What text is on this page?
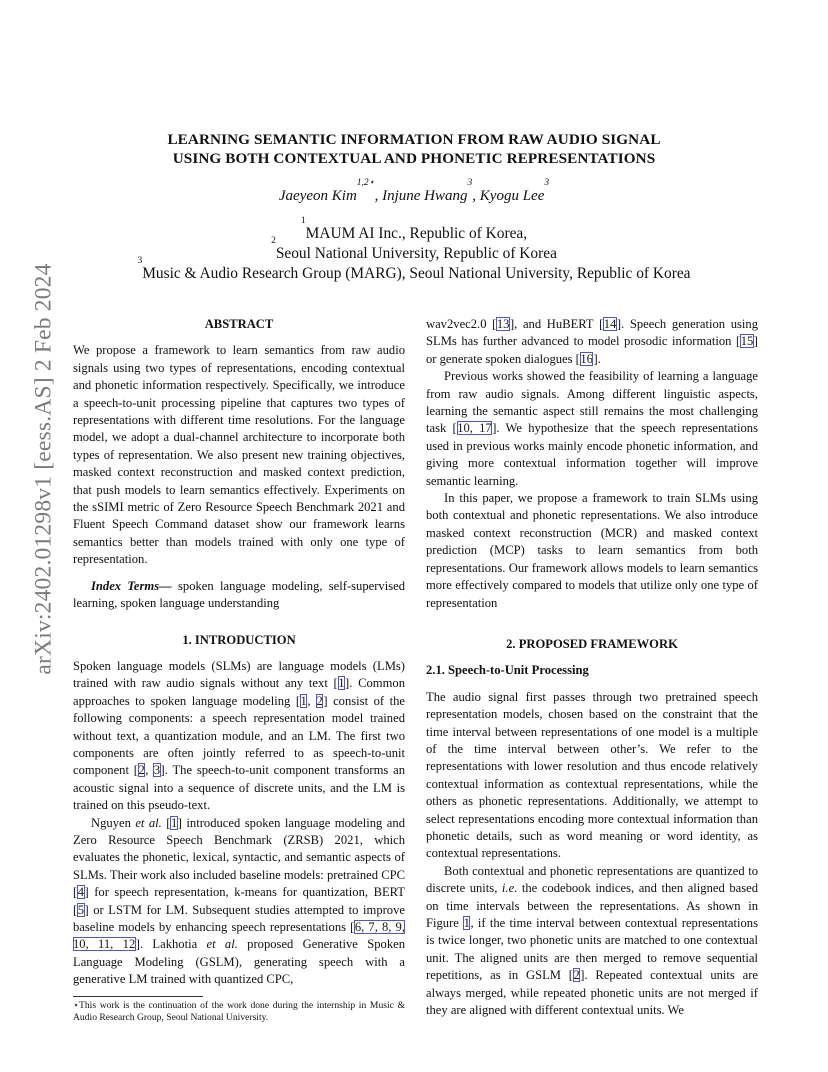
arXiv:2402.01298v1 [eess.AS] 2 Feb 2024
LEARNING SEMANTIC INFORMATION FROM RAW AUDIO SIGNAL
USING BOTH CONTEXTUAL AND PHONETIC REPRESENTATIONS
Jaeyeon Kim$^{1,2⋆}$, Injune Hwang$^3$, Kyogu Lee$^3$
$^1$MAUM AI Inc., Republic of Korea,
$^2$Seoul National University, Republic of Korea
$^3$Music & Audio Research Group (MARG), Seoul National University, Republic of Korea
ABSTRACT

We propose a framework to learn semantics from raw audio signals using two types of representations, encoding contextual and phonetic information respectively. Specifically, we introduce a speech-to-unit processing pipeline that captures two types of representations with different time resolutions. For the language model, we adopt a dual-channel architecture to incorporate both types of representation. We also present new training objectives, masked context reconstruction and masked context prediction, that push models to learn semantics effectively. Experiments on the sSIMI metric of Zero Resource Speech Benchmark 2021 and Fluent Speech Command dataset show our framework learns semantics better than models trained with only one type of representation.

Index Terms— spoken language modeling, self-supervised learning, spoken language understanding

1. INTRODUCTION

Spoken language models (SLMs) are language models (LMs) trained with raw audio signals without any text [1]. Common approaches to spoken language modeling [1, 2] consist of the following components: a speech representation model trained without text, a quantization module, and an LM. The first two components are often jointly referred to as speech-to-unit component [2, 3]. The speech-to-unit component transforms an acoustic signal into a sequence of discrete units, and the LM is trained on this pseudo-text.

Nguyen et al. [1] introduced spoken language modeling and Zero Resource Speech Benchmark (ZRSB) 2021, which evaluates the phonetic, lexical, syntactic, and semantic aspects of SLMs. Their work also included baseline models: pretrained CPC [4] for speech representation, k-means for quantization, BERT [5] or LSTM for LM. Subsequent studies attempted to improve baseline models by enhancing speech representations [6, 7, 8, 9, 10, 11, 12]. Lakhotia et al. proposed Generative Spoken Language Modeling (GSLM), generating speech with a generative LM trained with quantized CPC,

⋆This work is the continuation of the work done during the internship in Music & Audio Research Group, Seoul National University.

wav2vec2.0 [13], and HuBERT [14]. Speech generation using SLMs has further advanced to model prosodic information [15] or generate spoken dialogues [16].

Previous works showed the feasibility of learning a language from raw audio signals. Among different linguistic aspects, learning the semantic aspect still remains the most challenging task [10, 17]. We hypothesize that the speech representations used in previous works mainly encode phonetic information, and giving more contextual information together will improve semantic learning.

In this paper, we propose a framework to train SLMs using both contextual and phonetic representations. We also introduce masked context reconstruction (MCR) and masked context prediction (MCP) tasks to learn semantics from both representations. Our framework allows models to learn semantics more effectively compared to models that utilize only one type of representation

2. PROPOSED FRAMEWORK
2.1. Speech-to-Unit Processing

The audio signal first passes through two pretrained speech representation models, chosen based on the constraint that the time interval between representations of one model is a multiple of the time interval between other’s. We refer to the representations with lower resolution and thus encode relatively contextual information as contextual representations, while the others as phonetic representations. Additionally, we attempt to select representations encoding more contextual information than phonetic details, such as word meaning or word identity, as contextual representations.

Both contextual and phonetic representations are quantized to discrete units, i.e. the codebook indices, and then aligned based on time intervals between the representations. As shown in Figure 1, if the time interval between contextual representations is twice longer, two phonetic units are matched to one contextual unit. The aligned units are then merged to remove sequential repetitions, as in GSLM [2]. Repeated contextual units are always merged, while repeated phonetic units are not merged if they are aligned with different contextual units. We
